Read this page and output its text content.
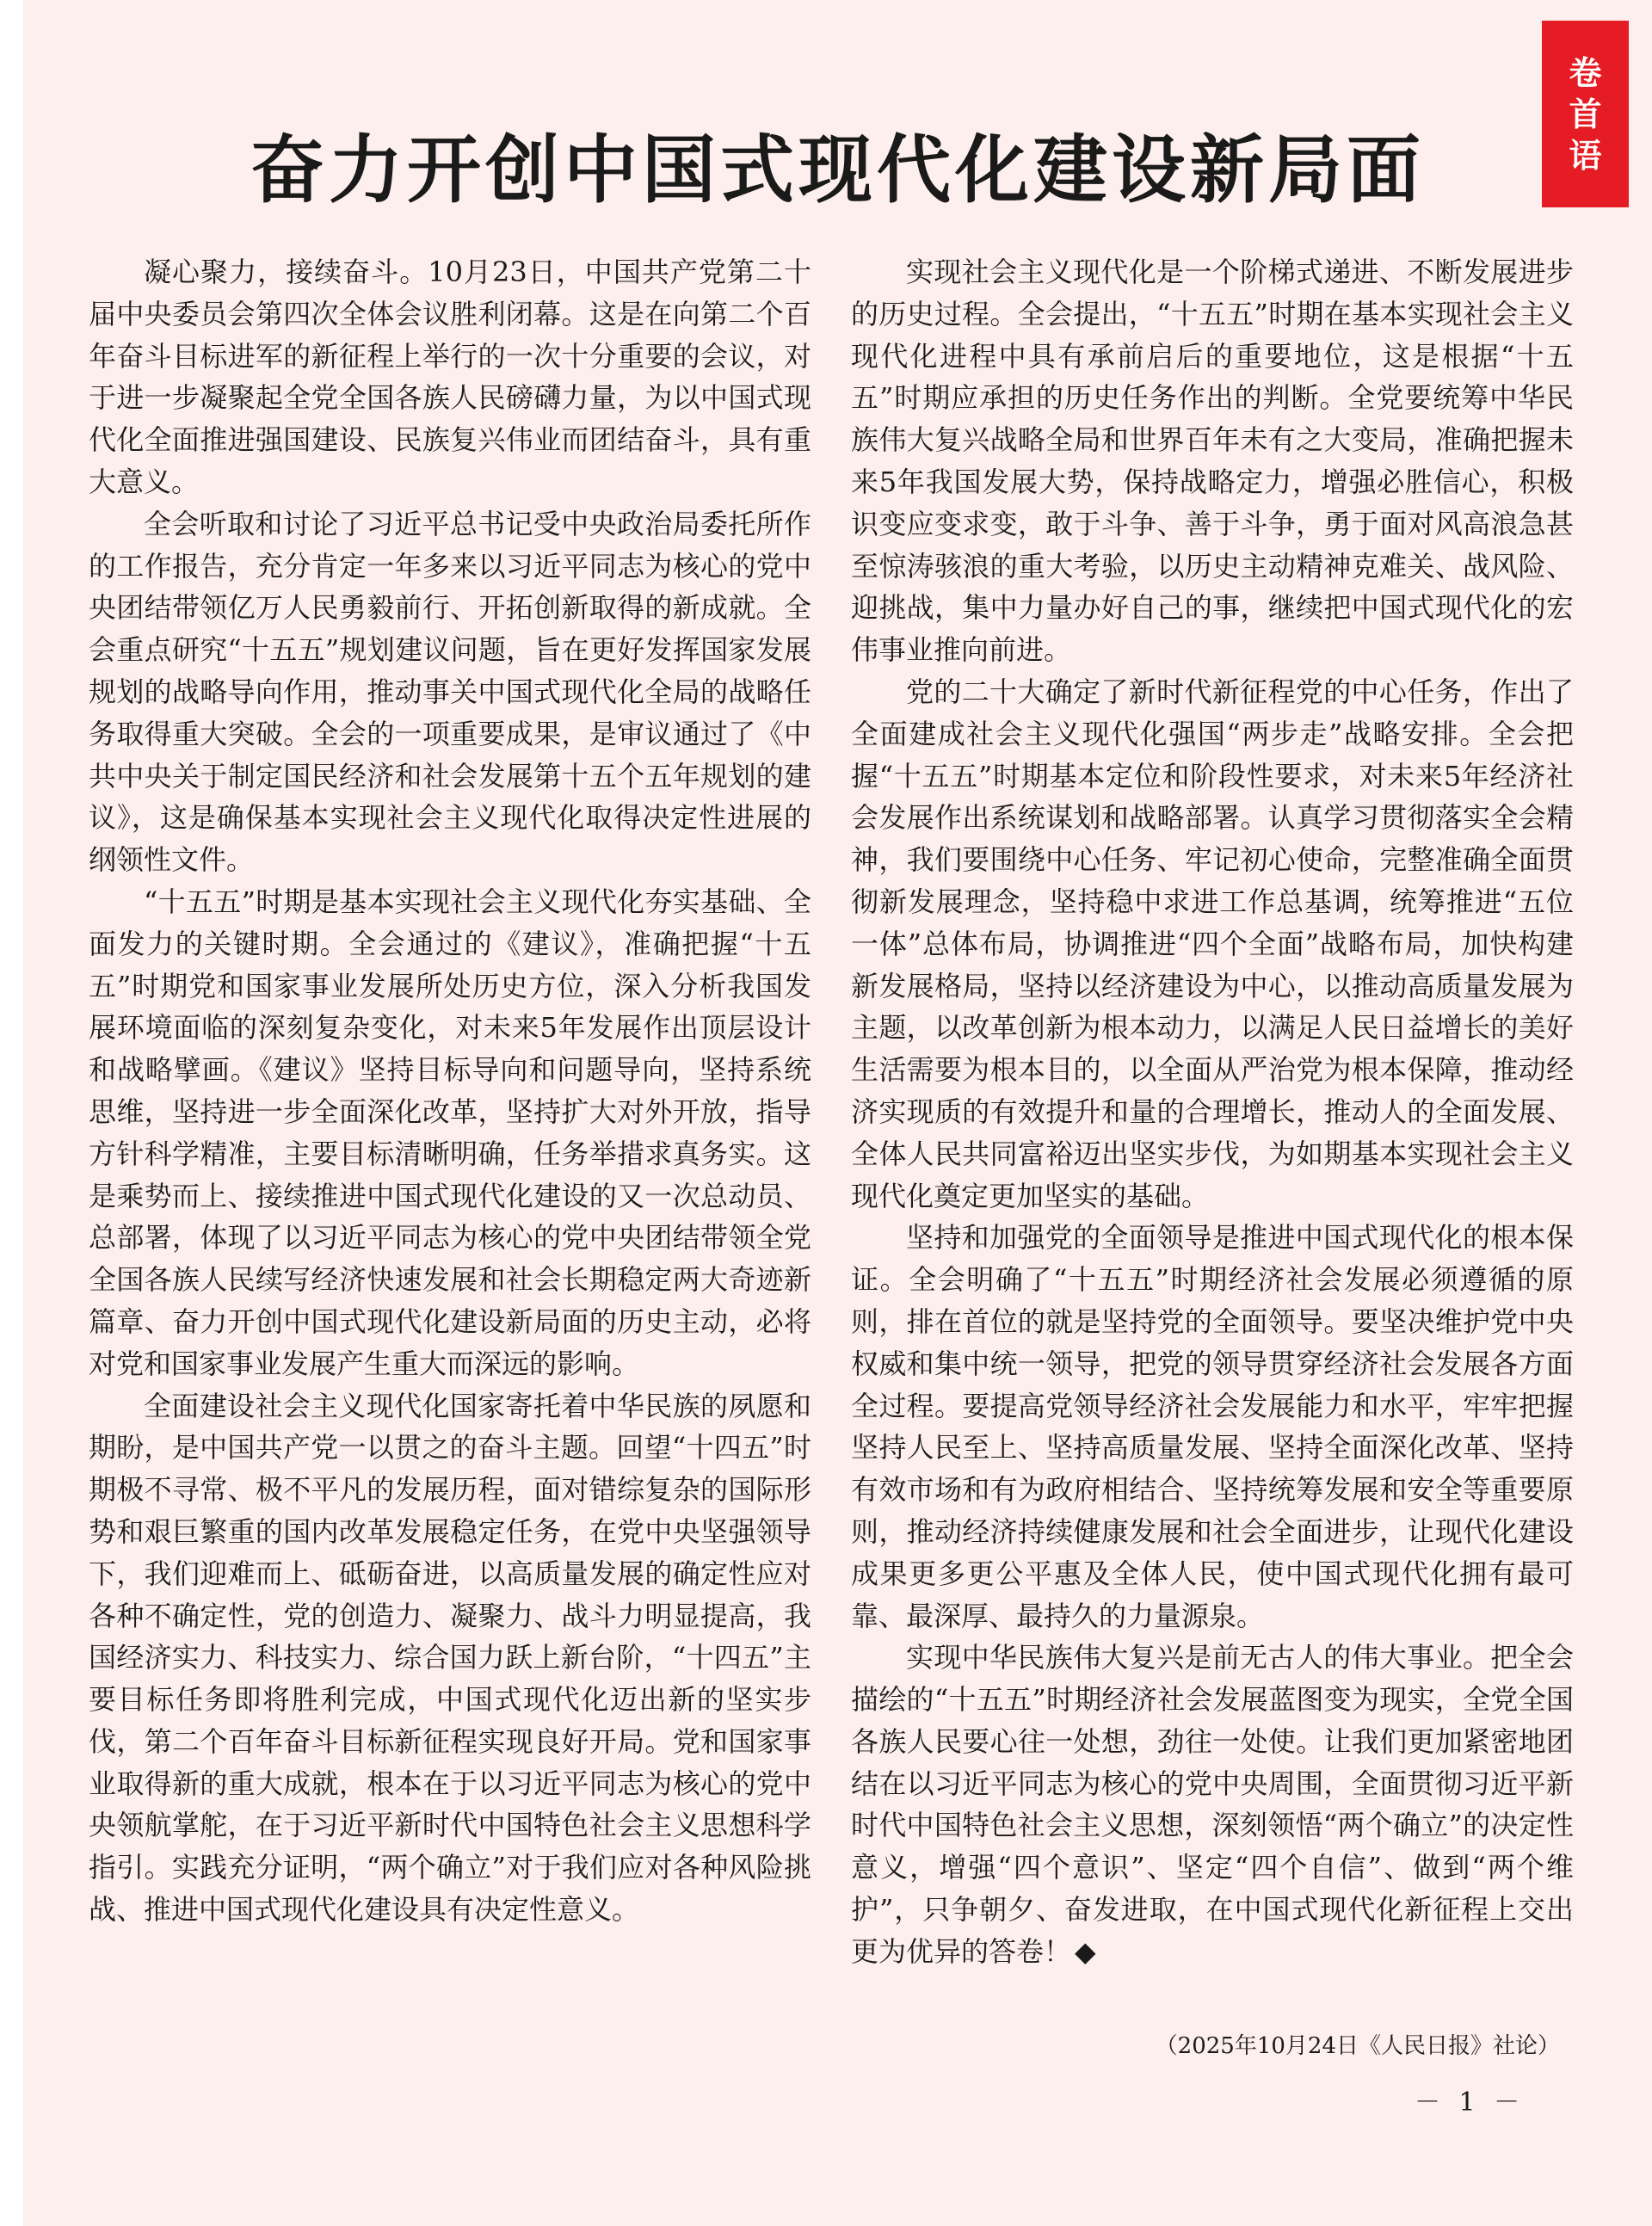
卷
首
语
奋力开创中国式现代化建设新局面

凝心聚力，接续奋斗。10月23日，中国共产党第二十届中央委员会第四次全体会议胜利闭幕。这是在向第二个百年奋斗目标进军的新征程上举行的一次十分重要的会议，对于进一步凝聚起全党全国各族人民磅礴力量，为以中国式现代化全面推进强国建设、民族复兴伟业而团结奋斗，具有重大意义。

全会听取和讨论了习近平总书记受中央政治局委托所作的工作报告，充分肯定一年多来以习近平同志为核心的党中央团结带领亿万人民勇毅前行、开拓创新取得的新成就。全会重点研究“十五五”规划建议问题，旨在更好发挥国家发展规划的战略导向作用，推动事关中国式现代化全局的战略任务取得重大突破。全会的一项重要成果，是审议通过了《中共中央关于制定国民经济和社会发展第十五个五年规划的建议》，这是确保基本实现社会主义现代化取得决定性进展的纲领性文件。

“十五五”时期是基本实现社会主义现代化夯实基础、全面发力的关键时期。全会通过的《建议》，准确把握“十五五”时期党和国家事业发展所处历史方位，深入分析我国发展环境面临的深刻复杂变化，对未来5年发展作出顶层设计和战略擘画。《建议》坚持目标导向和问题导向，坚持系统思维，坚持进一步全面深化改革，坚持扩大对外开放，指导方针科学精准，主要目标清晰明确，任务举措求真务实。这是乘势而上、接续推进中国式现代化建设的又一次总动员、总部署，体现了以习近平同志为核心的党中央团结带领全党全国各族人民续写经济快速发展和社会长期稳定两大奇迹新篇章、奋力开创中国式现代化建设新局面的历史主动，必将对党和国家事业发展产生重大而深远的影响。

全面建设社会主义现代化国家寄托着中华民族的夙愿和期盼，是中国共产党一以贯之的奋斗主题。回望“十四五”时期极不寻常、极不平凡的发展历程，面对错综复杂的国际形势和艰巨繁重的国内改革发展稳定任务，在党中央坚强领导下，我们迎难而上、砥砺奋进，以高质量发展的确定性应对各种不确定性，党的创造力、凝聚力、战斗力明显提高，我国经济实力、科技实力、综合国力跃上新台阶，“十四五”主要目标任务即将胜利完成，中国式现代化迈出新的坚实步伐，第二个百年奋斗目标新征程实现良好开局。党和国家事业取得新的重大成就，根本在于以习近平同志为核心的党中央领航掌舵，在于习近平新时代中国特色社会主义思想科学指引。实践充分证明，“两个确立”对于我们应对各种风险挑战、推进中国式现代化建设具有决定性意义。

实现社会主义现代化是一个阶梯式递进、不断发展进步的历史过程。全会提出，“十五五”时期在基本实现社会主义现代化进程中具有承前启后的重要地位，这是根据“十五五”时期应承担的历史任务作出的判断。全党要统筹中华民族伟大复兴战略全局和世界百年未有之大变局，准确把握未来5年我国发展大势，保持战略定力，增强必胜信心，积极识变应变求变，敢于斗争、善于斗争，勇于面对风高浪急甚至惊涛骇浪的重大考验，以历史主动精神克难关、战风险、迎挑战，集中力量办好自己的事，继续把中国式现代化的宏伟事业推向前进。

党的二十大确定了新时代新征程党的中心任务，作出了全面建成社会主义现代化强国“两步走”战略安排。全会把握“十五五”时期基本定位和阶段性要求，对未来5年经济社会发展作出系统谋划和战略部署。认真学习贯彻落实全会精神，我们要围绕中心任务、牢记初心使命，完整准确全面贯彻新发展理念，坚持稳中求进工作总基调，统筹推进“五位一体”总体布局，协调推进“四个全面”战略布局，加快构建新发展格局，坚持以经济建设为中心，以推动高质量发展为主题，以改革创新为根本动力，以满足人民日益增长的美好生活需要为根本目的，以全面从严治党为根本保障，推动经济实现质的有效提升和量的合理增长，推动人的全面发展、全体人民共同富裕迈出坚实步伐，为如期基本实现社会主义现代化奠定更加坚实的基础。

坚持和加强党的全面领导是推进中国式现代化的根本保证。全会明确了“十五五”时期经济社会发展必须遵循的原则，排在首位的就是坚持党的全面领导。要坚决维护党中央权威和集中统一领导，把党的领导贯穿经济社会发展各方面全过程。要提高党领导经济社会发展能力和水平，牢牢把握坚持人民至上、坚持高质量发展、坚持全面深化改革、坚持有效市场和有为政府相结合、坚持统筹发展和安全等重要原则，推动经济持续健康发展和社会全面进步，让现代化建设成果更多更公平惠及全体人民，使中国式现代化拥有最可靠、最深厚、最持久的力量源泉。

实现中华民族伟大复兴是前无古人的伟大事业。把全会描绘的“十五五”时期经济社会发展蓝图变为现实，全党全国各族人民要心往一处想，劲往一处使。让我们更加紧密地团结在以习近平同志为核心的党中央周围，全面贯彻习近平新时代中国特色社会主义思想，深刻领悟“两个确立”的决定性意义，增强“四个意识”、坚定“四个自信”、做到“两个维护”，只争朝夕、奋发进取，在中国式现代化新征程上交出更为优异的答卷！ ◆

（2025年10月24日《人民日报》社论）
－ 1 －
